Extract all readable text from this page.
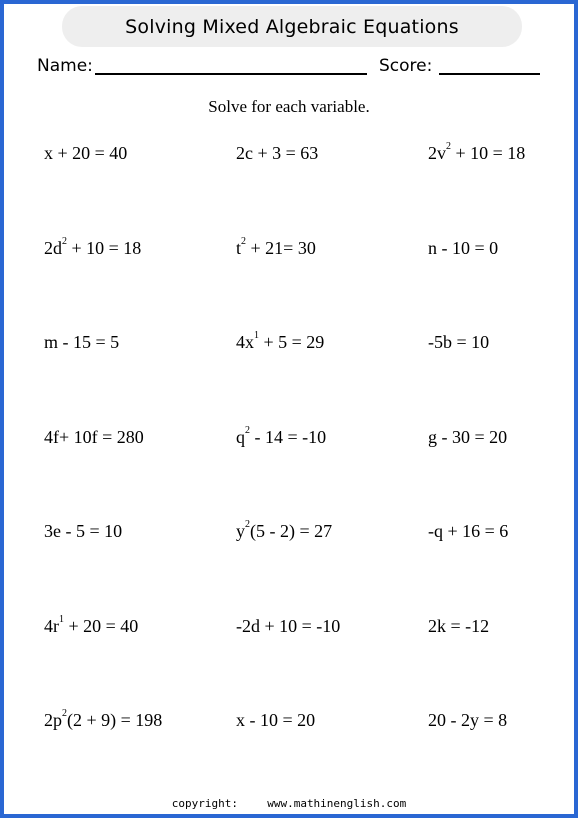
Solving Mixed Algebraic Equations
Name:	Score:
Solve for each variable.
x + 20 = 40	2c + 3 = 63	$2v^2 + 10 = 18$
$2d^2 + 10 = 18$	$t^2 + 21= 30$	n - 10 = 0
m - 15 = 5	$4x^1 + 5 = 29$	-5b = 10
4f+ 10f = 280	$q^2 - 14 = -10$	g - 30 = 20
3e - 5 = 10	$y^2(5 - 2) = 27$	-q + 16 = 6
$4r^1 + 20 = 40$	-2d + 10 = -10	2k = -12
$2p^2(2 + 9) = 198$	x - 10 = 20	20 - 2y = 8
copyright:	www.mathinenglish.com
